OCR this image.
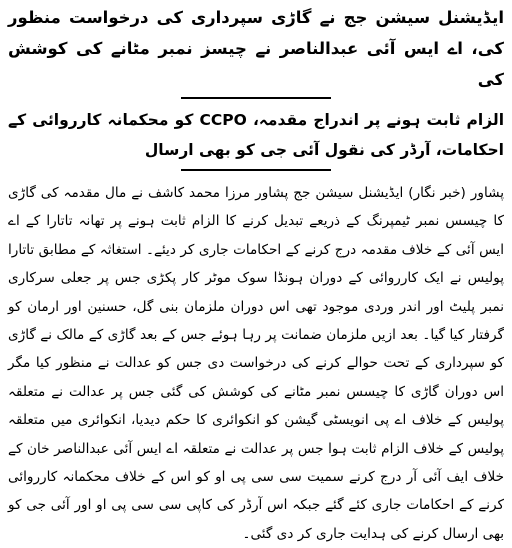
ایڈیشنل سیشن جج نے گاڑی سپرداری کی درخواست منظور کی، اے ایس آئی عبدالناصر نے چیسز نمبر مٹانے کی کوشش کی
الزام ثابت ہونے پر اندراج مقدمہ، CCPO کو محکمانہ کارروائی کے احکامات، آرڈر کی نقول آئی جی کو بھی ارسال

پشاور (خبر نگار) ایڈیشنل سیشن جج پشاور مرزا محمد کاشف نے مال مقدمہ کی گاڑی کا چیسس نمبر ٹیمپرنگ کے ذریعے تبدیل کرنے کا الزام ثابت ہونے پر تھانہ تاتارا کے اے ایس آئی کے خلاف مقدمہ درج کرنے کے احکامات جاری کر دیئے۔ استغاثہ کے مطابق تاتارا پولیس نے ایک کارروائی کے دوران ہونڈا سوک موٹر کار پکڑی جس پر جعلی سرکاری نمبر پلیٹ اور اندر وردی موجود تھی اس دوران ملزمان بنی گل، حسنین اور ارمان کو گرفتار کیا گیا۔ بعد ازیں ملزمان ضمانت پر رہا ہوئے جس کے بعد گاڑی کے مالک نے گاڑی کو سپرداری کے تحت حوالے کرنے کی درخواست دی جس کو عدالت نے منظور کیا مگر اس دوران گاڑی کا چیسس نمبر مٹانے کی کوشش کی گئی جس پر عدالت نے متعلقہ پولیس کے خلاف اے پی انویسٹی گیشن کو انکوائری کا حکم دیدیا، انکوائری میں متعلقہ پولیس کے خلاف الزام ثابت ہوا جس پر عدالت نے متعلقہ اے ایس آئی عبدالناصر خان کے خلاف ایف آئی آر درج کرنے سمیت سی سی پی او کو اس کے خلاف محکمانہ کارروائی کرنے کے احکامات جاری کئے گئے جبکہ اس آرڈر کی کاپی سی سی پی او اور آئی جی کو بھی ارسال کرنے کی ہدایت جاری کر دی گئی۔
